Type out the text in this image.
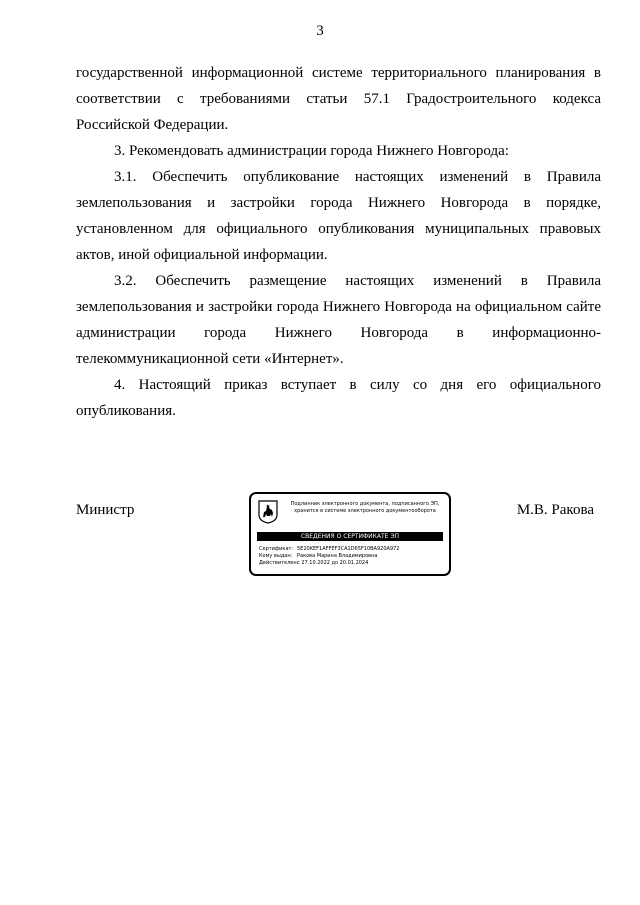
3

государственной информационной системе территориального планирования в соответствии с требованиями статьи 57.1 Градостроительного кодекса Российской Федерации.

3. Рекомендовать администрации города Нижнего Новгорода:

3.1. Обеспечить опубликование настоящих изменений в Правила землепользования и застройки города Нижнего Новгорода в порядке, установленном для официального опубликования муниципальных правовых актов, иной официальной информации.

3.2. Обеспечить размещение настоящих изменений в Правила землепользования и застройки города Нижнего Новгорода на официальном сайте администрации города Нижнего Новгорода в информационно-телекоммуникационной сети «Интернет».

4. Настоящий приказ вступает в силу со дня его официального опубликования.

Министр	М.В. Ракова
Подлинник электронного документа, подписанного ЭП,
хранится в системе электронного документооборота
СВЕДЕНИЯ О СЕРТИФИКАТЕ ЭП
Сертификат: 5E20KEF1AFFEF3CA1D65F10BA920A972
Кому выдан: Ракова Марина Владимировна
Действителен:с 27.10.2022 до 20.01.2024
